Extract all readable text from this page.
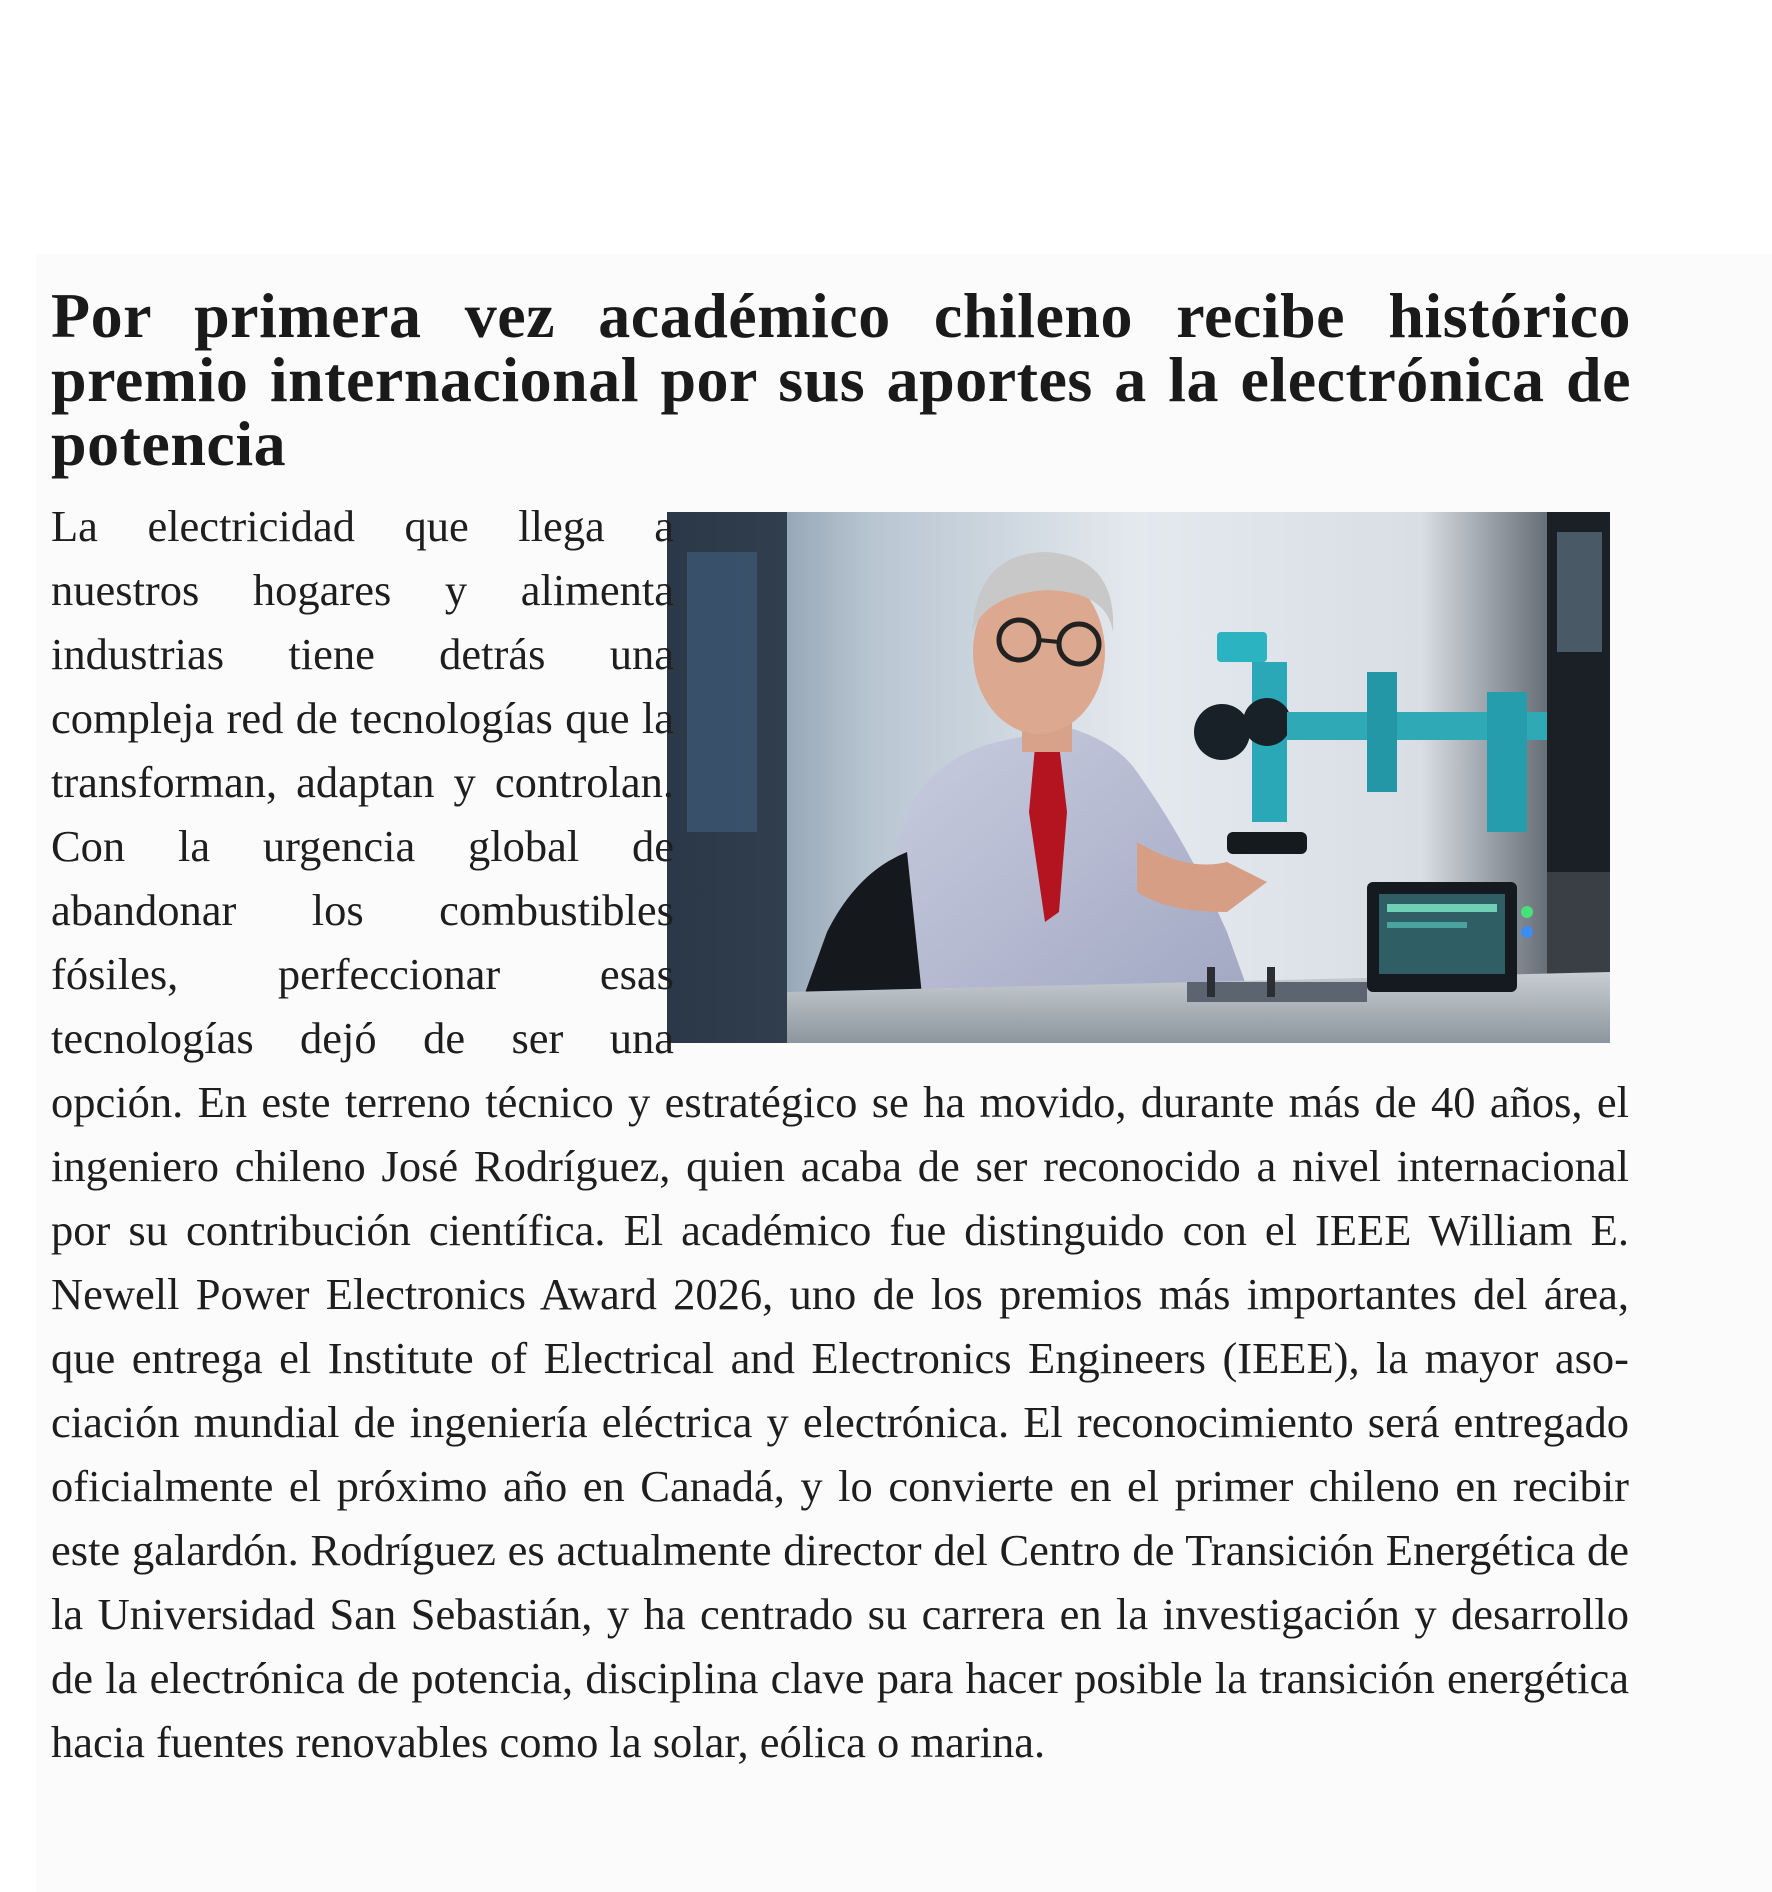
Por primera vez académico chileno recibe histórico premio internacional por sus aportes a la electrónica de potencia
La electricidad que llega a nuestros hogares y alimenta industrias tiene detrás una compleja red de tecnologías que la transforman, adaptan y controlan. Con la urgencia global de abandonar los combustibles fósiles, perfeccionar esas tecnologías dejó de ser una opción. En este terreno técnico y estratégico se ha movido, durante más de 40 años, el ingeniero chileno José Rodríguez, quien acaba de ser reconocido a nivel internacional por su contribución científica. El académico fue distinguido con el IEEE William E. Newell Power Electronics Award 2026, uno de los premios más importantes del área, que entrega el Institute of Electrical and Electronics Engineers (IEEE), la mayor asociación mundial de ingeniería eléctrica y electrónica. El reconocimiento será entregado oficialmente el próximo año en Canadá, y lo convierte en el primer chileno en recibir este galardón. Rodríguez es actualmente director del Centro de Transición Energética de la Universidad San Sebastián, y ha centrado su carrera en la investigación y desarrollo de la electrónica de potencia, disciplina clave para hacer posible la transición energética hacia fuentes renovables como la solar, eólica o marina.
